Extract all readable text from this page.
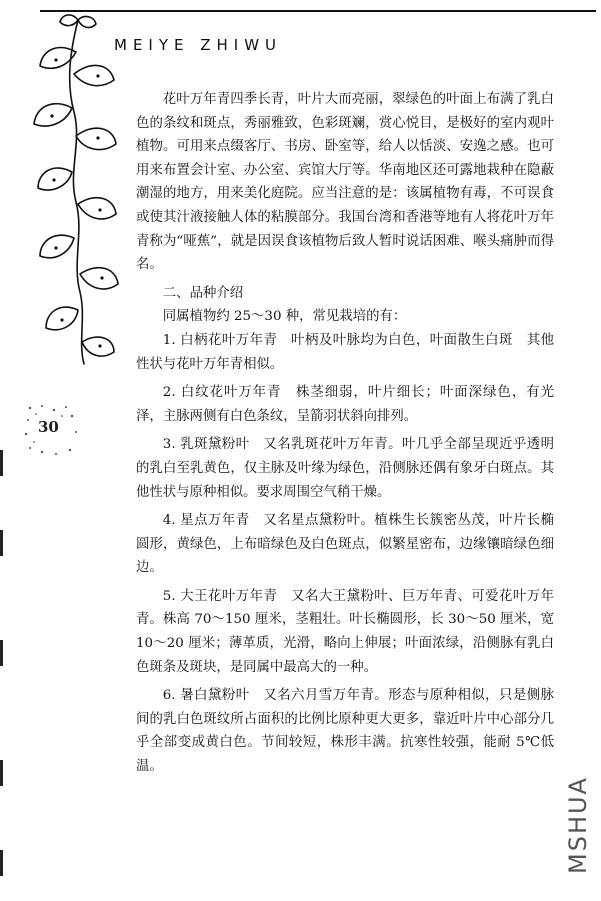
MEIYE ZHIWU
30

花叶万年青四季长青，叶片大而亮丽，翠绿色的叶面上布满了乳白色的条纹和斑点，秀丽雅致，色彩斑斓，赏心悦目，是极好的室内观叶植物。可用来点缀客厅、书房、卧室等，给人以恬淡、安逸之感。也可用来布置会计室、办公室、宾馆大厅等。华南地区还可露地栽种在隐蔽潮湿的地方，用来美化庭院。应当注意的是：该属植物有毒，不可误食或使其汁液接触人体的粘膜部分。我国台湾和香港等地有人将花叶万年青称为“哑蕉”，就是因误食该植物后致人暂时说话困难、喉头痛肿而得名。

二、品种介绍

同属植物约 25～30 种，常见栽培的有：

1. 白柄花叶万年青　叶柄及叶脉均为白色，叶面散生白斑　其他性状与花叶万年青相似。

2. 白纹花叶万年青　株茎细弱，叶片细长；叶面深绿色，有光泽，主脉两侧有白色条纹，呈箭羽状斜向排列。

3. 乳斑黛粉叶　又名乳斑花叶万年青。叶几乎全部呈现近乎透明的乳白至乳黄色，仅主脉及叶缘为绿色，沿侧脉还偶有象牙白斑点。其他性状与原种相似。要求周围空气稍干燥。

4. 星点万年青　又名星点黛粉叶。植株生长簇密丛茂，叶片长椭圆形，黄绿色，上布暗绿色及白色斑点，似繁星密布，边缘镶暗绿色细边。

5. 大王花叶万年青　又名大王黛粉叶、巨万年青、可爱花叶万年青。株高 70～150 厘米，茎粗壮。叶长椭圆形，长 30～50 厘米，宽 10～20 厘米；薄革质，光滑，略向上伸展；叶面浓绿，沿侧脉有乳白色斑条及斑块，是同属中最高大的一种。

6. 暑白黛粉叶　又名六月雪万年青。形态与原种相似，只是侧脉间的乳白色斑纹所占面积的比例比原种更大更多，靠近叶片中心部分几乎全部变成黄白色。节间较短，株形丰满。抗寒性较强，能耐 5℃低温。

MSHUA
